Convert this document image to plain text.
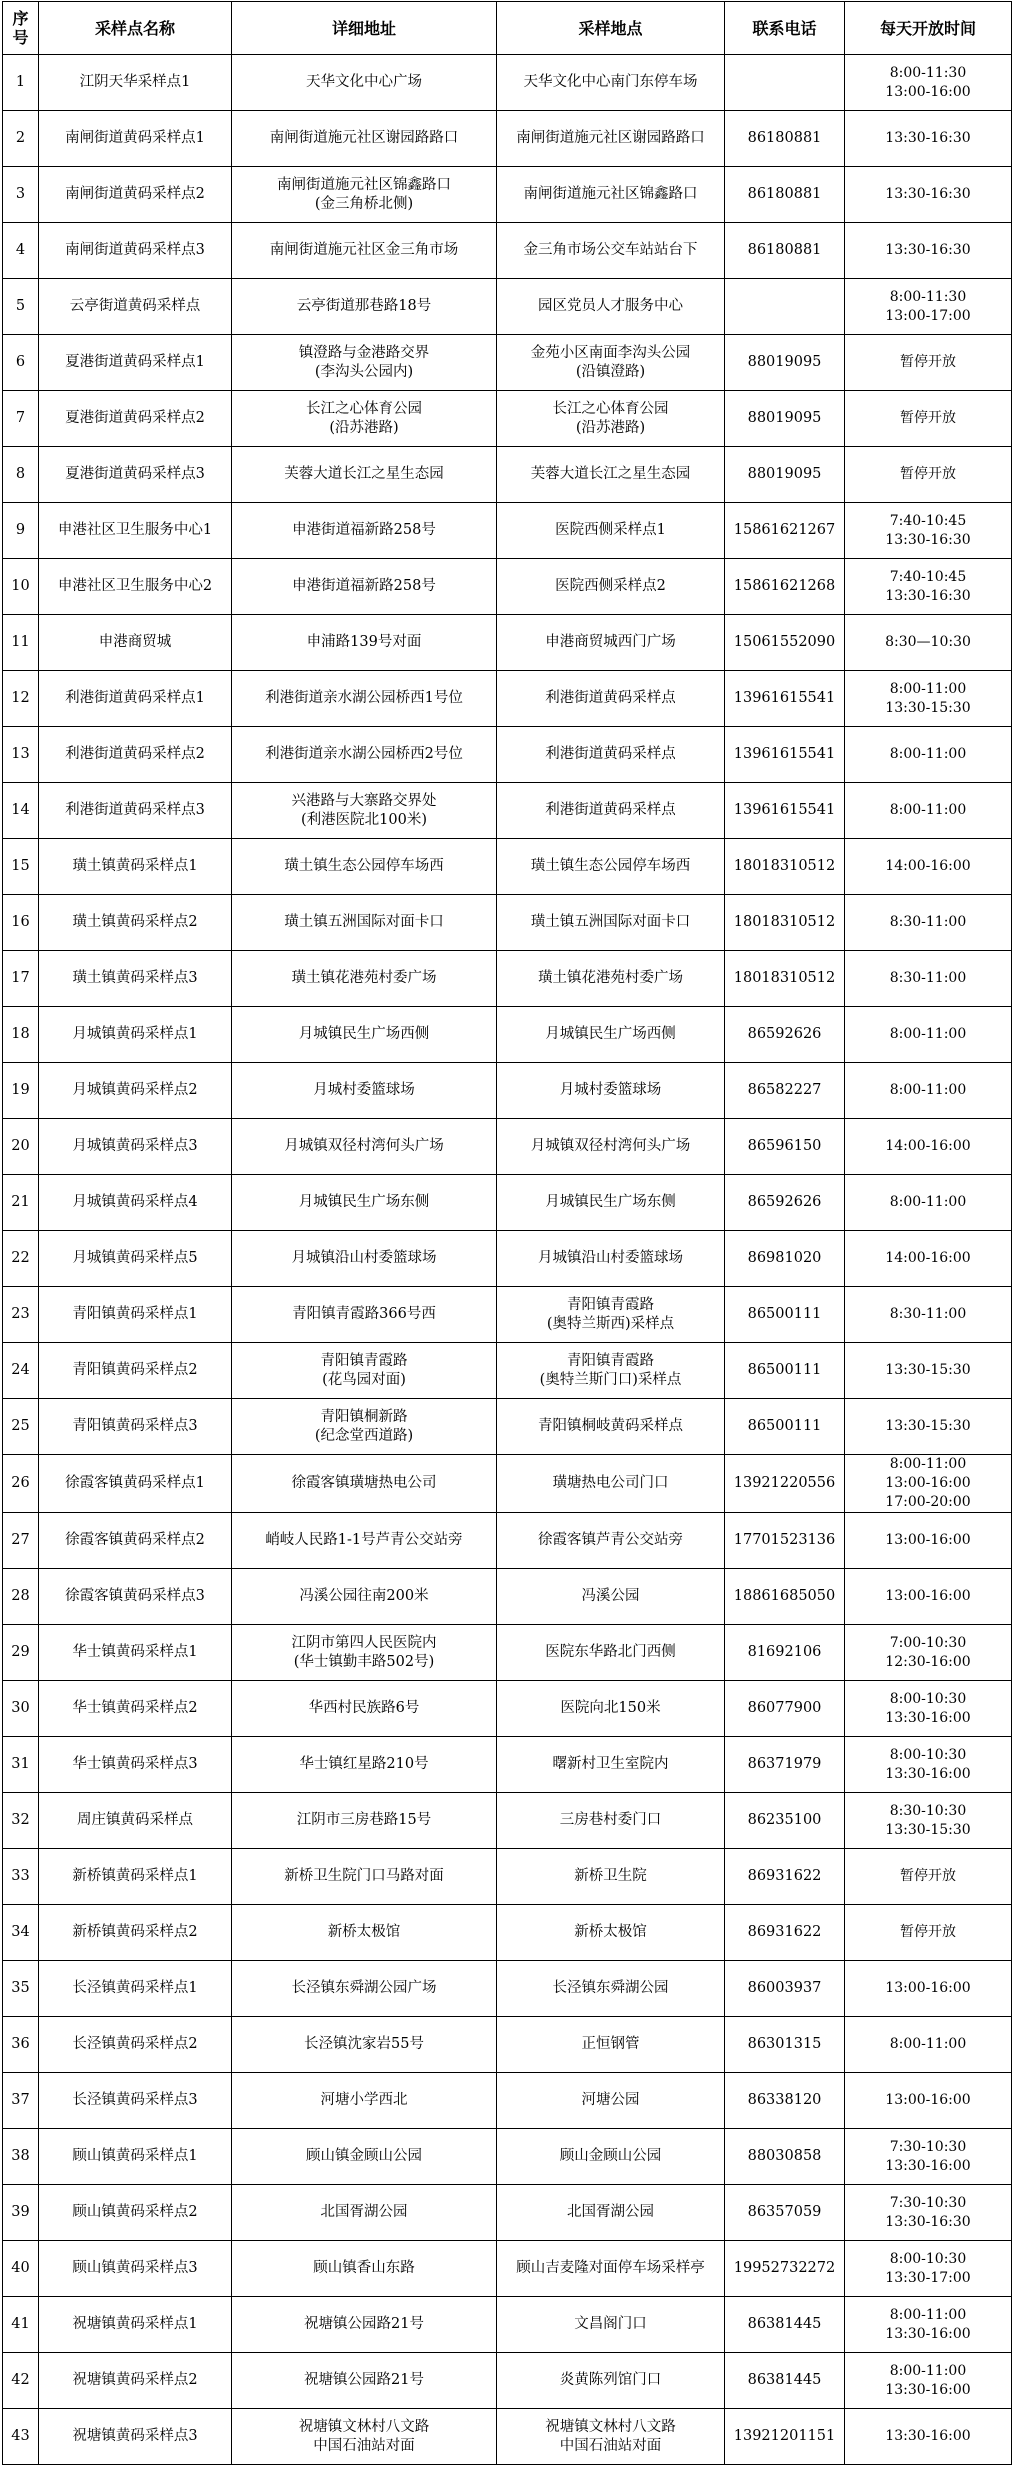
序号	采样点名称	详细地址	采样地点	联系电话	每天开放时间
1	江阴天华采样点1	天华文化中心广场	天华文化中心南门东停车场		8:00-11:30
13:00-16:00
2	南闸街道黄码采样点1	南闸街道施元社区谢园路路口	南闸街道施元社区谢园路路口	86180881	13:30-16:30
3	南闸街道黄码采样点2	南闸街道施元社区锦鑫路口
(金三角桥北侧)	南闸街道施元社区锦鑫路口	86180881	13:30-16:30
4	南闸街道黄码采样点3	南闸街道施元社区金三角市场	金三角市场公交车站站台下	86180881	13:30-16:30
5	云亭街道黄码采样点	云亭街道那巷路18号	园区党员人才服务中心		8:00-11:30
13:00-17:00
6	夏港街道黄码采样点1	镇澄路与金港路交界
(李沟头公园内)	金苑小区南面李沟头公园
(沿镇澄路)	88019095	暂停开放
7	夏港街道黄码采样点2	长江之心体育公园
(沿苏港路)	长江之心体育公园
(沿苏港路)	88019095	暂停开放
8	夏港街道黄码采样点3	芙蓉大道长江之星生态园	芙蓉大道长江之星生态园	88019095	暂停开放
9	申港社区卫生服务中心1	申港街道福新路258号	医院西侧采样点1	15861621267	7:40-10:45
13:30-16:30
10	申港社区卫生服务中心2	申港街道福新路258号	医院西侧采样点2	15861621268	7:40-10:45
13:30-16:30
11	申港商贸城	申浦路139号对面	申港商贸城西门广场	15061552090	8:30—10:30
12	利港街道黄码采样点1	利港街道亲水湖公园桥西1号位	利港街道黄码采样点	13961615541	8:00-11:00
13:30-15:30
13	利港街道黄码采样点2	利港街道亲水湖公园桥西2号位	利港街道黄码采样点	13961615541	8:00-11:00
14	利港街道黄码采样点3	兴港路与大寨路交界处
(利港医院北100米)	利港街道黄码采样点	13961615541	8:00-11:00
15	璜土镇黄码采样点1	璜土镇生态公园停车场西	璜土镇生态公园停车场西	18018310512	14:00-16:00
16	璜土镇黄码采样点2	璜土镇五洲国际对面卡口	璜土镇五洲国际对面卡口	18018310512	8:30-11:00
17	璜土镇黄码采样点3	璜土镇花港苑村委广场	璜土镇花港苑村委广场	18018310512	8:30-11:00
18	月城镇黄码采样点1	月城镇民生广场西侧	月城镇民生广场西侧	86592626	8:00-11:00
19	月城镇黄码采样点2	月城村委篮球场	月城村委篮球场	86582227	8:00-11:00
20	月城镇黄码采样点3	月城镇双径村湾何头广场	月城镇双径村湾何头广场	86596150	14:00-16:00
21	月城镇黄码采样点4	月城镇民生广场东侧	月城镇民生广场东侧	86592626	8:00-11:00
22	月城镇黄码采样点5	月城镇沿山村委篮球场	月城镇沿山村委篮球场	86981020	14:00-16:00
23	青阳镇黄码采样点1	青阳镇青霞路366号西	青阳镇青霞路
(奥特兰斯西)采样点	86500111	8:30-11:00
24	青阳镇黄码采样点2	青阳镇青霞路
(花鸟园对面)	青阳镇青霞路
(奥特兰斯门口)采样点	86500111	13:30-15:30
25	青阳镇黄码采样点3	青阳镇桐新路
(纪念堂西道路)	青阳镇桐岐黄码采样点	86500111	13:30-15:30
26	徐霞客镇黄码采样点1	徐霞客镇璜塘热电公司	璜塘热电公司门口	13921220556	8:00-11:00
13:00-16:00
17:00-20:00
27	徐霞客镇黄码采样点2	峭岐人民路1-1号芦青公交站旁	徐霞客镇芦青公交站旁	17701523136	13:00-16:00
28	徐霞客镇黄码采样点3	冯溪公园往南200米	冯溪公园	18861685050	13:00-16:00
29	华士镇黄码采样点1	江阴市第四人民医院内
(华士镇勤丰路502号)	医院东华路北门西侧	81692106	7:00-10:30
12:30-16:00
30	华士镇黄码采样点2	华西村民族路6号	医院向北150米	86077900	8:00-10:30
13:30-16:00
31	华士镇黄码采样点3	华士镇红星路210号	曙新村卫生室院内	86371979	8:00-10:30
13:30-16:00
32	周庄镇黄码采样点	江阴市三房巷路15号	三房巷村委门口	86235100	8:30-10:30
13:30-15:30
33	新桥镇黄码采样点1	新桥卫生院门口马路对面	新桥卫生院	86931622	暂停开放
34	新桥镇黄码采样点2	新桥太极馆	新桥太极馆	86931622	暂停开放
35	长泾镇黄码采样点1	长泾镇东舜湖公园广场	长泾镇东舜湖公园	86003937	13:00-16:00
36	长泾镇黄码采样点2	长泾镇沈家岩55号	正恒钢管	86301315	8:00-11:00
37	长泾镇黄码采样点3	河塘小学西北	河塘公园	86338120	13:00-16:00
38	顾山镇黄码采样点1	顾山镇金顾山公园	顾山金顾山公园	88030858	7:30-10:30
13:30-16:00
39	顾山镇黄码采样点2	北国胥湖公园	北国胥湖公园	86357059	7:30-10:30
13:30-16:30
40	顾山镇黄码采样点3	顾山镇香山东路	顾山吉麦隆对面停车场采样亭	19952732272	8:00-10:30
13:30-17:00
41	祝塘镇黄码采样点1	祝塘镇公园路21号	文昌阁门口	86381445	8:00-11:00
13:30-16:00
42	祝塘镇黄码采样点2	祝塘镇公园路21号	炎黄陈列馆门口	86381445	8:00-11:00
13:30-16:00
43	祝塘镇黄码采样点3	祝塘镇文林村八文路
中国石油站对面	祝塘镇文林村八文路
中国石油站对面	13921201151	13:30-16:00
